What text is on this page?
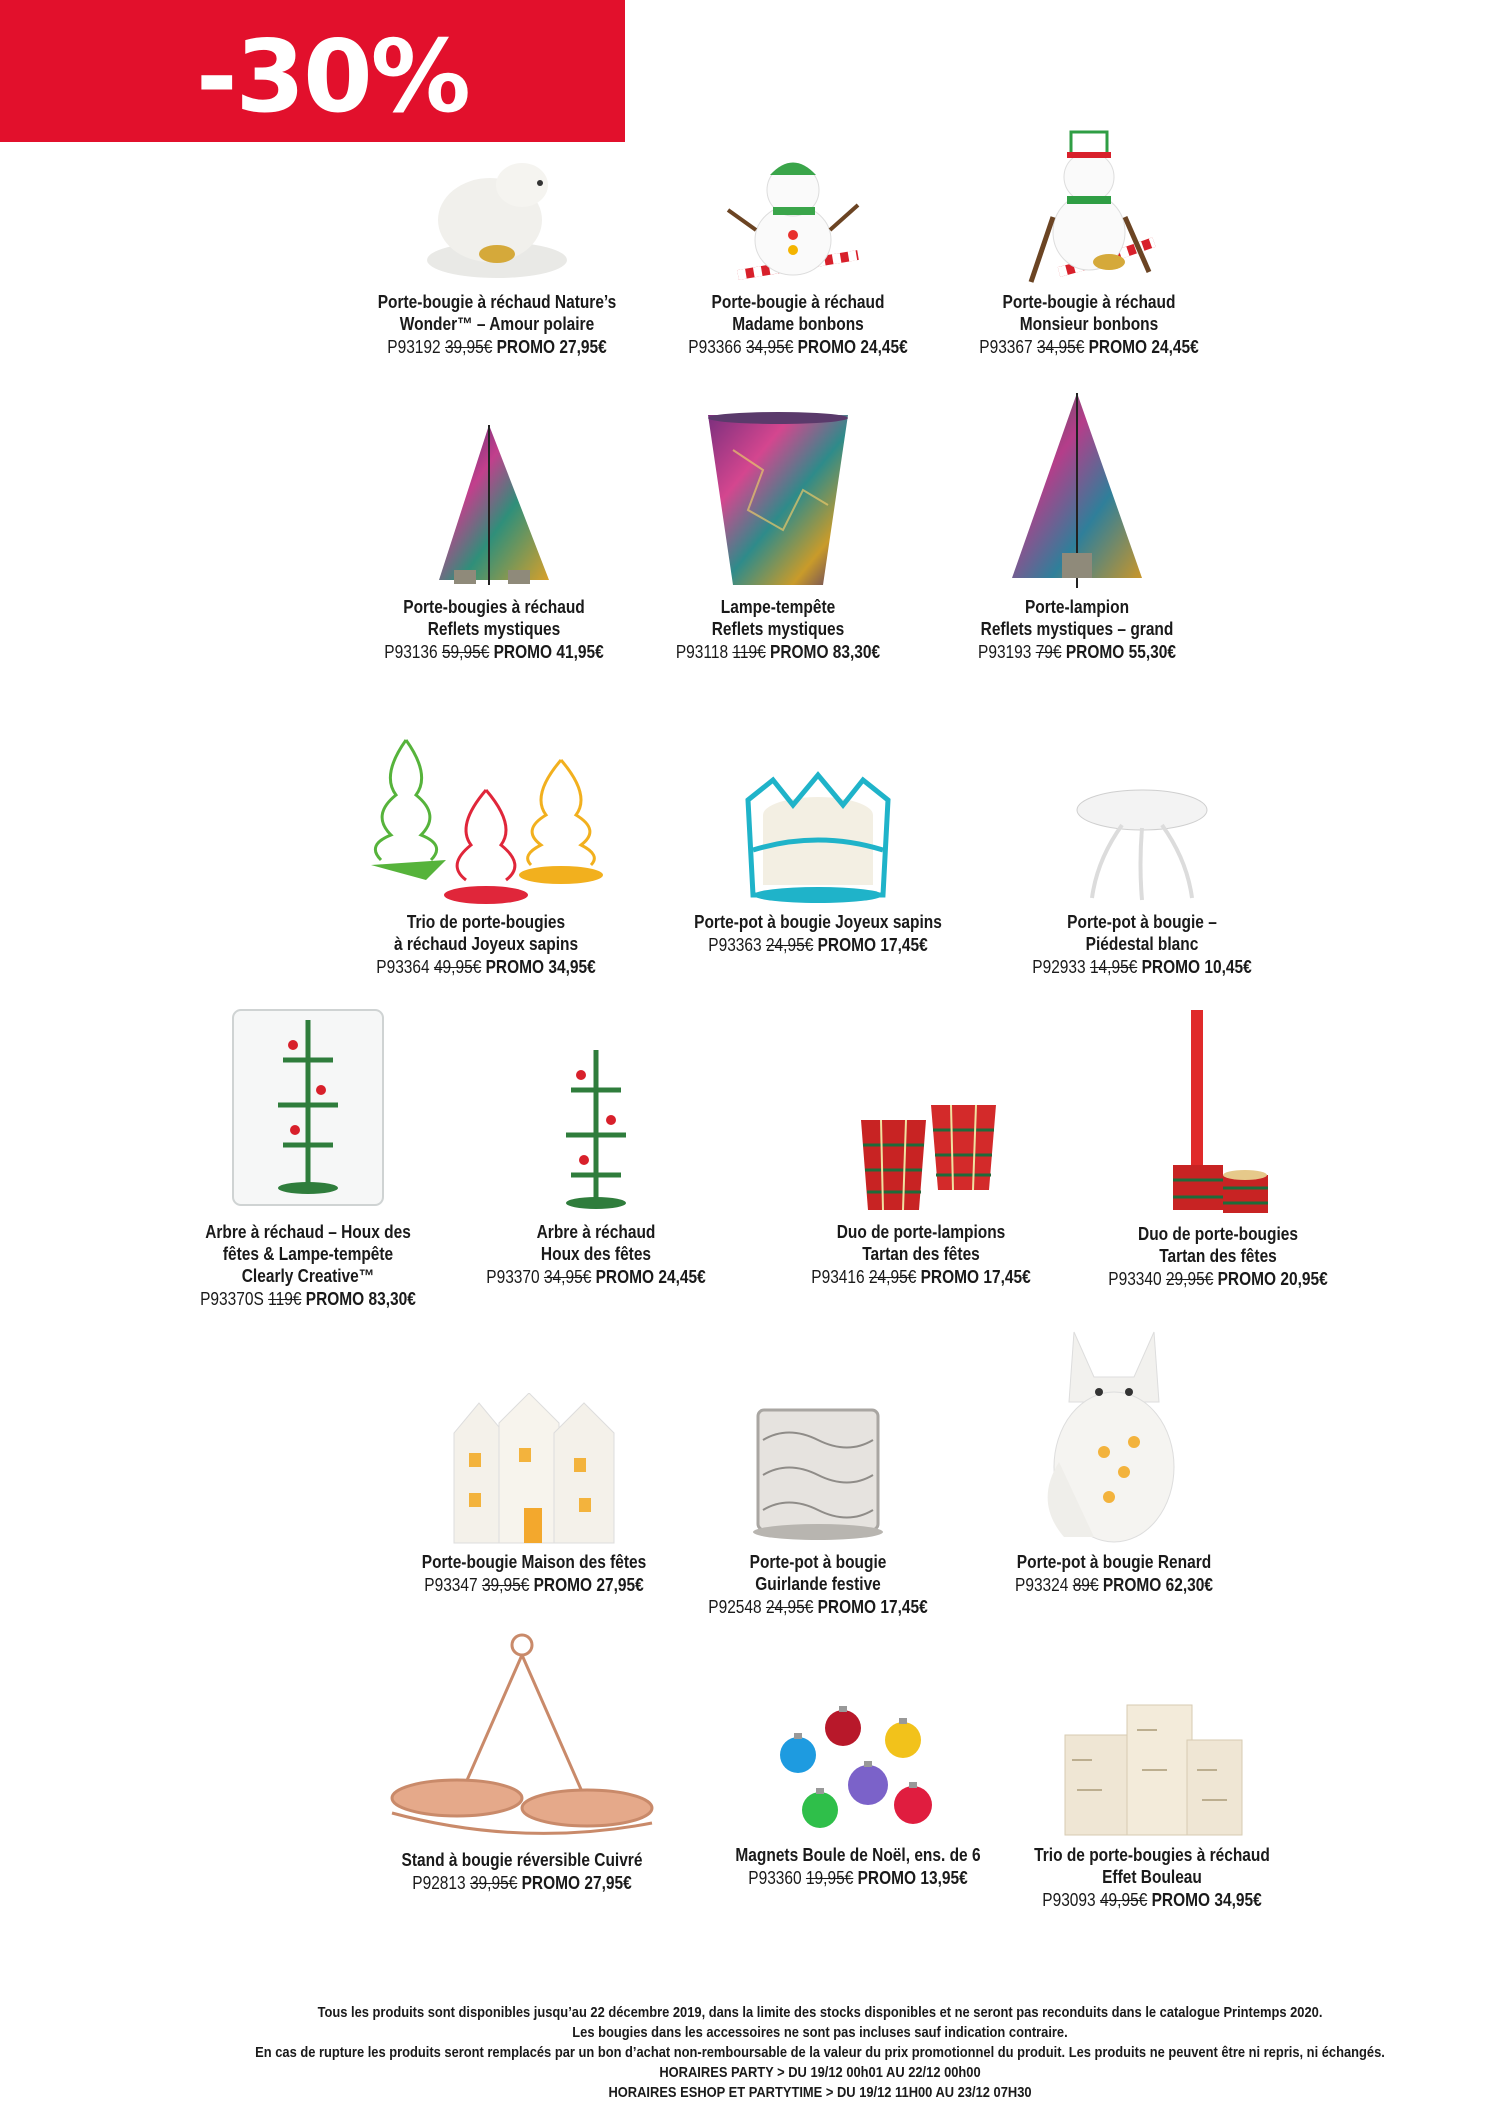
-30%
Porte-bougie à réchaud Nature’s
Wonder™ – Amour polaire
P93192 39,95€ PROMO 27,95€
Porte-bougie à réchaud
Madame bonbons
P93366 34,95€ PROMO 24,45€
Porte-bougie à réchaud
Monsieur bonbons
P93367 34,95€ PROMO 24,45€
Porte-bougies à réchaud
Reflets mystiques
P93136 59,95€ PROMO 41,95€
Lampe-tempête
Reflets mystiques
P93118 119€ PROMO 83,30€
Porte-lampion
Reflets mystiques – grand
P93193 79€ PROMO 55,30€
Trio de porte-bougies
à réchaud Joyeux sapins
P93364 49,95€ PROMO 34,95€
Porte-pot à bougie Joyeux sapins
P93363 24,95€ PROMO 17,45€
Porte-pot à bougie –
Piédestal blanc
P92933 14,95€ PROMO 10,45€
Arbre à réchaud – Houx des
fêtes & Lampe-tempête
Clearly Creative™
P93370S 119€ PROMO 83,30€
Arbre à réchaud
Houx des fêtes
P93370 34,95€ PROMO 24,45€
Duo de porte-lampions
Tartan des fêtes
P93416 24,95€ PROMO 17,45€
Duo de porte-bougies
Tartan des fêtes
P93340 29,95€ PROMO 20,95€
Porte-bougie Maison des fêtes
P93347 39,95€ PROMO 27,95€
Porte-pot à bougie
Guirlande festive
P92548 24,95€ PROMO 17,45€
Porte-pot à bougie Renard
P93324 89€ PROMO 62,30€
Stand à bougie réversible Cuivré
P92813 39,95€ PROMO 27,95€
Magnets Boule de Noël, ens. de 6
P93360 19,95€ PROMO 13,95€
Trio de porte-bougies à réchaud
Effet Bouleau
P93093 49,95€ PROMO 34,95€
Tous les produits sont disponibles jusqu’au 22 décembre 2019, dans la limite des stocks disponibles et ne seront pas reconduits dans le catalogue Printemps 2020.
Les bougies dans les accessoires ne sont pas incluses sauf indication contraire.
En cas de rupture les produits seront remplacés par un bon d’achat non-remboursable de la valeur du prix promotionnel du produit. Les produits ne peuvent être ni repris, ni échangés.
HORAIRES PARTY > DU 19/12 00h01 AU 22/12 00h00
HORAIRES ESHOP ET PARTYTIME > DU 19/12 11H00 AU 23/12 07H30
